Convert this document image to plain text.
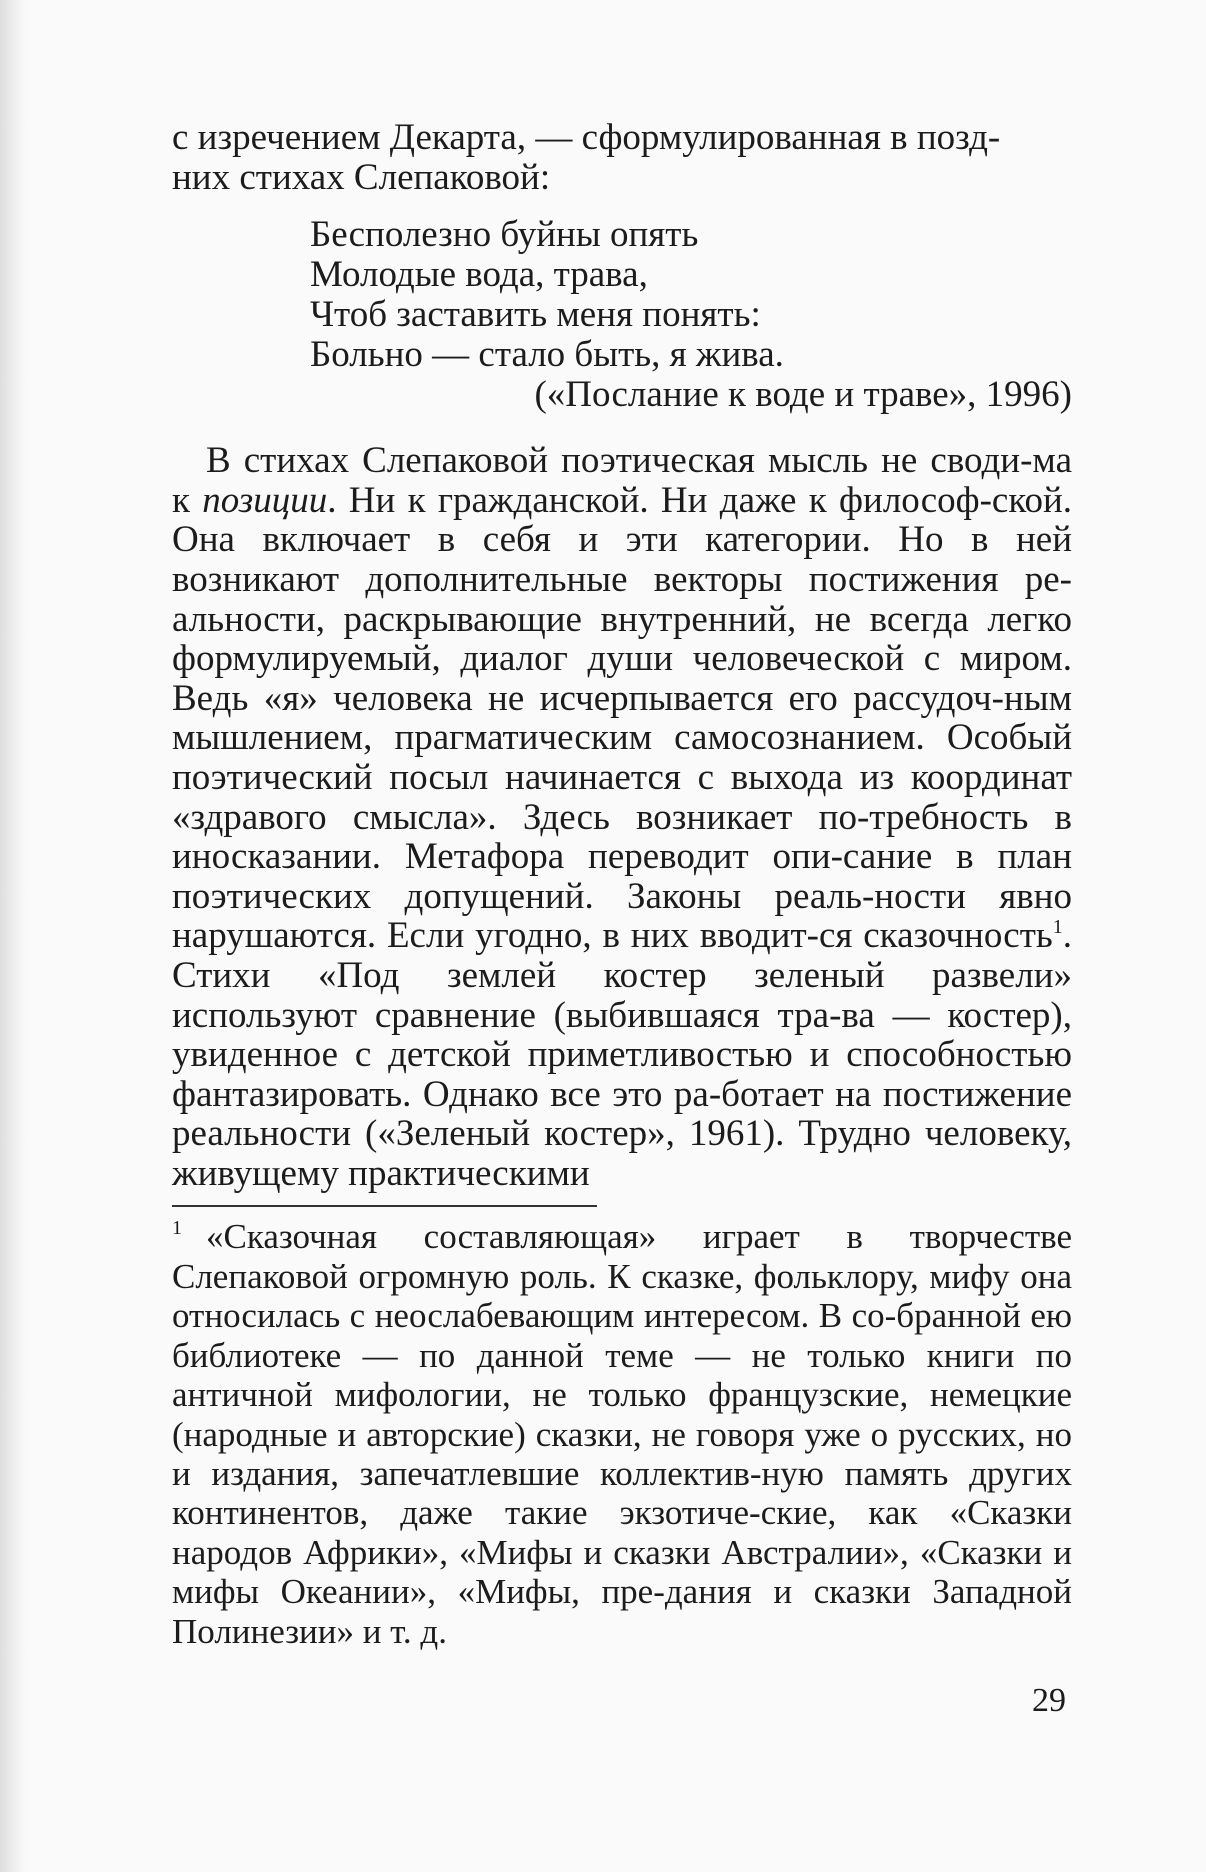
с изречением Декарта, — сформулированная в позд-
них стихах Слепаковой:

Бесполезно буйны опять
Молодые вода, трава,
Чтоб заставить меня понять:
Больно — стало быть, я жива.

(«Послание к воде и траве», 1996)

В стихах Слепаковой поэтическая мысль не своди-ма к позиции. Ни к гражданской. Ни даже к философ-ской. Она включает в себя и эти категории. Но в ней возникают дополнительные векторы постижения ре-альности, раскрывающие внутренний, не всегда легко формулируемый, диалог души человеческой с миром. Ведь «я» человека не исчерпывается его рассудоч-ным мышлением, прагматическим самосознанием. Особый поэтический посыл начинается с выхода из координат «здравого смысла». Здесь возникает по-требность в иносказании. Метафора переводит опи-сание в план поэтических допущений. Законы реаль-ности явно нарушаются. Если угодно, в них вводит-ся сказочность$^1$. Стихи «Под землей костер зеленый развели» используют сравнение (выбившаяся тра-ва — костер), увиденное с детской приметливостью и способностью фантазировать. Однако все это ра-ботает на постижение реальности («Зеленый костер», 1961). Трудно человеку, живущему практическими

$^1$ «Сказочная составляющая» играет в творчестве Слепаковой огромную роль. К сказке, фольклору, мифу она относилась с неослабевающим интересом. В со-бранной ею библиотеке — по данной теме — не только книги по античной мифологии, не только французские, немецкие (народные и авторские) сказки, не говоря уже о русских, но и издания, запечатлевшие коллектив-ную память других континентов, даже такие экзотиче-ские, как «Сказки народов Африки», «Мифы и сказки Австралии», «Сказки и мифы Океании», «Мифы, пре-дания и сказки Западной Полинезии» и т. д.

29
